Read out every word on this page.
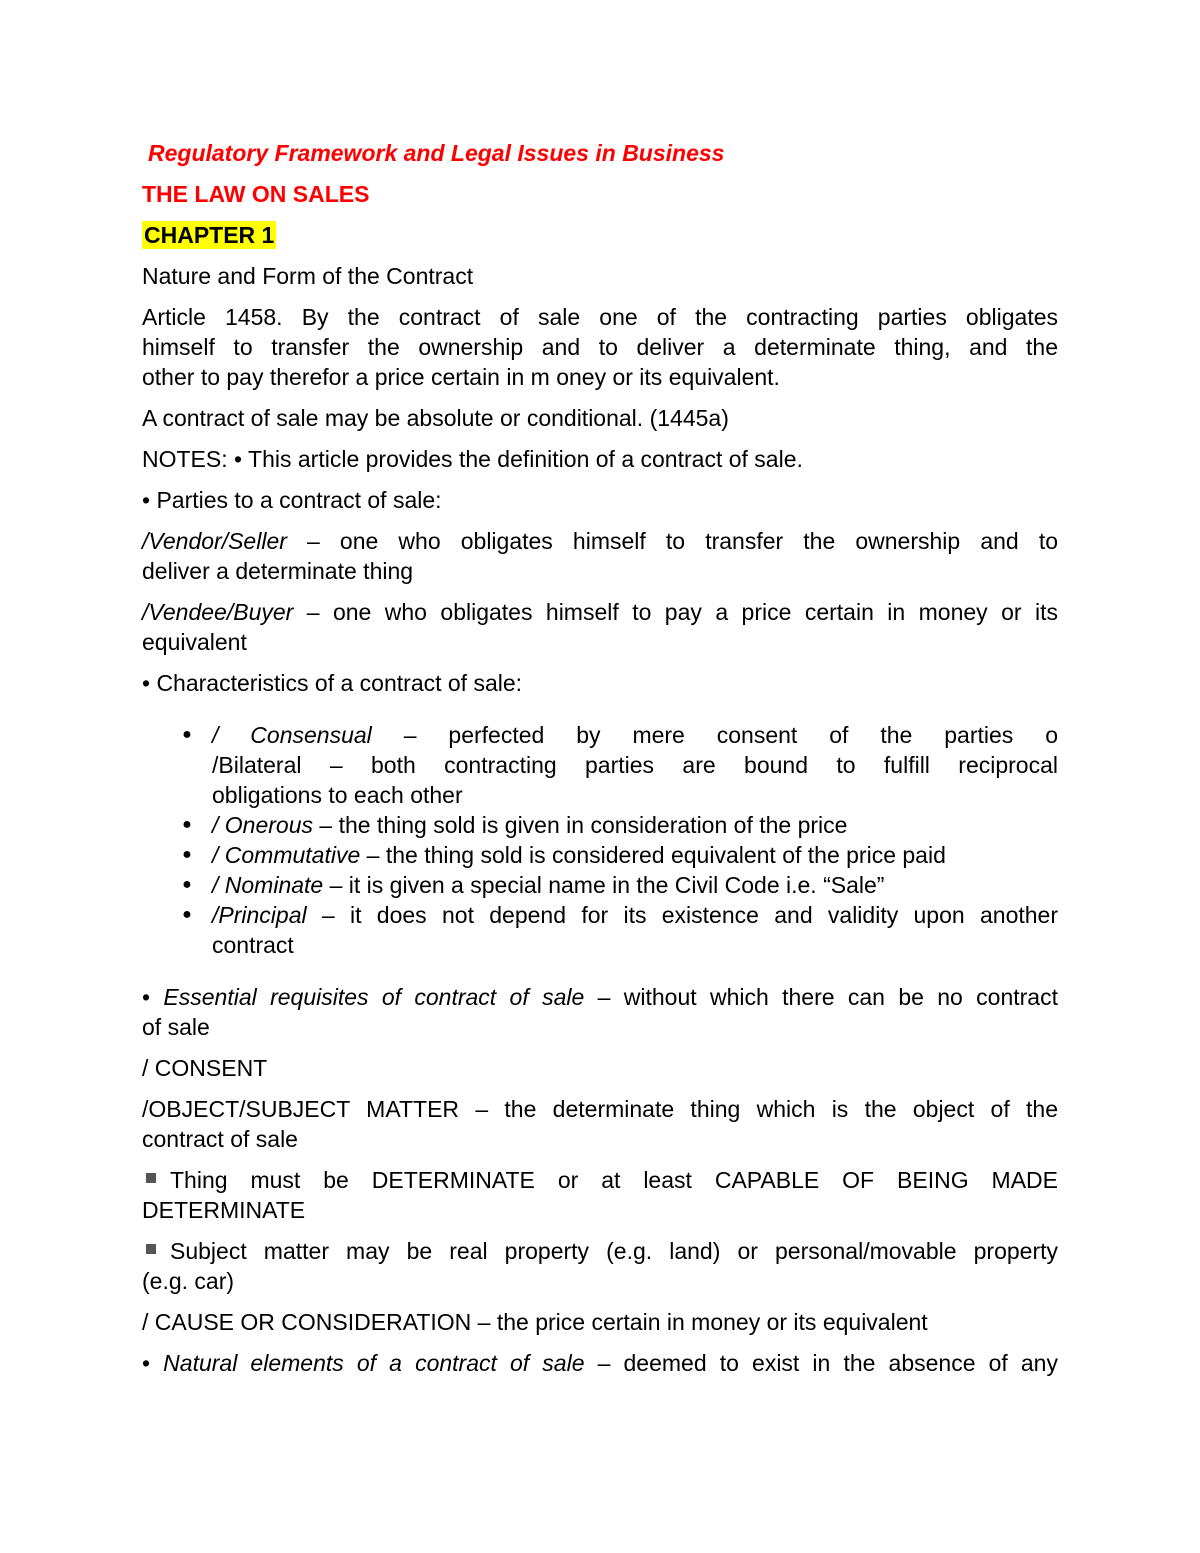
Regulatory Framework and Legal Issues in Business

THE LAW ON SALES

CHAPTER 1

Nature and Form of the Contract

Article 1458. By the contract of sale one of the contracting parties obligates

himself to transfer the ownership and to deliver a determinate thing, and the

other to pay therefor a price certain in m oney or its equivalent.

A contract of sale may be absolute or conditional. (1445a)

NOTES: • This article provides the definition of a contract of sale.

• Parties to a contract of sale:

/Vendor/Seller – one who obligates himself to transfer the ownership and to

deliver a determinate thing

/Vendee/Buyer – one who obligates himself to pay a price certain in money or its

equivalent

• Characteristics of a contract of sale:

● / Consensual – perfected by mere consent of the parties o

/Bilateral – both contracting parties are bound to fulfill reciprocal

obligations to each other

● / Onerous – the thing sold is given in consideration of the price

● / Commutative – the thing sold is considered equivalent of the price paid

● / Nominate – it is given a special name in the Civil Code i.e. “Sale”

● /Principal – it does not depend for its existence and validity upon another

contract

• Essential requisites of contract of sale – without which there can be no contract

of sale

/ CONSENT

/OBJECT/SUBJECT MATTER – the determinate thing which is the object of the

contract of sale

Thing must be DETERMINATE or at least CAPABLE OF BEING MADE

DETERMINATE

Subject matter may be real property (e.g. land) or personal/movable property

(e.g. car)

/ CAUSE OR CONSIDERATION – the price certain in money or its equivalent

• Natural elements of a contract of sale – deemed to exist in the absence of any
